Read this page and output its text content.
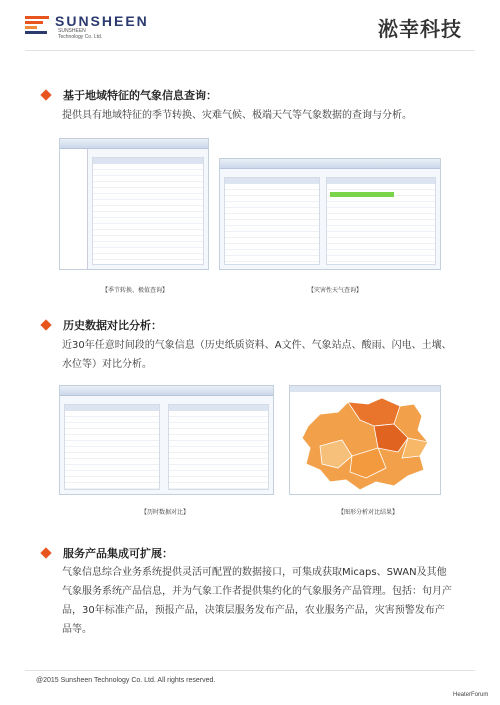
SUNSHEEN
SUNSHEEN
Technology Co. Ltd.	淞幸科技
基于地域特征的气象信息查询：
提供具有地域特征的季节转换、灾难气候、极端天气等气象数据的查询与分析。
【季节转换、极值查询】	【灾害性天气查询】
历史数据对比分析：
近30年任意时间段的气象信息（历史纸质资料、A文件、气象站点、酸雨、闪电、土壤、水位等）对比分析。
【历时数据对比】	【图形分析对比结果】
服务产品集成可扩展：
气象信息综合业务系统提供灵活可配置的数据接口，可集成获取Micaps、SWAN及其他气象服务系统产品信息，并为气象工作者提供集约化的气象服务产品管理。包括：旬月产品，30年标准产品，预报产品，决策层服务发布产品，农业服务产品，灾害预警发布产品等。
@2015 Sunsheen Technology Co. Ltd. All rights reserved.
HeaterForum
